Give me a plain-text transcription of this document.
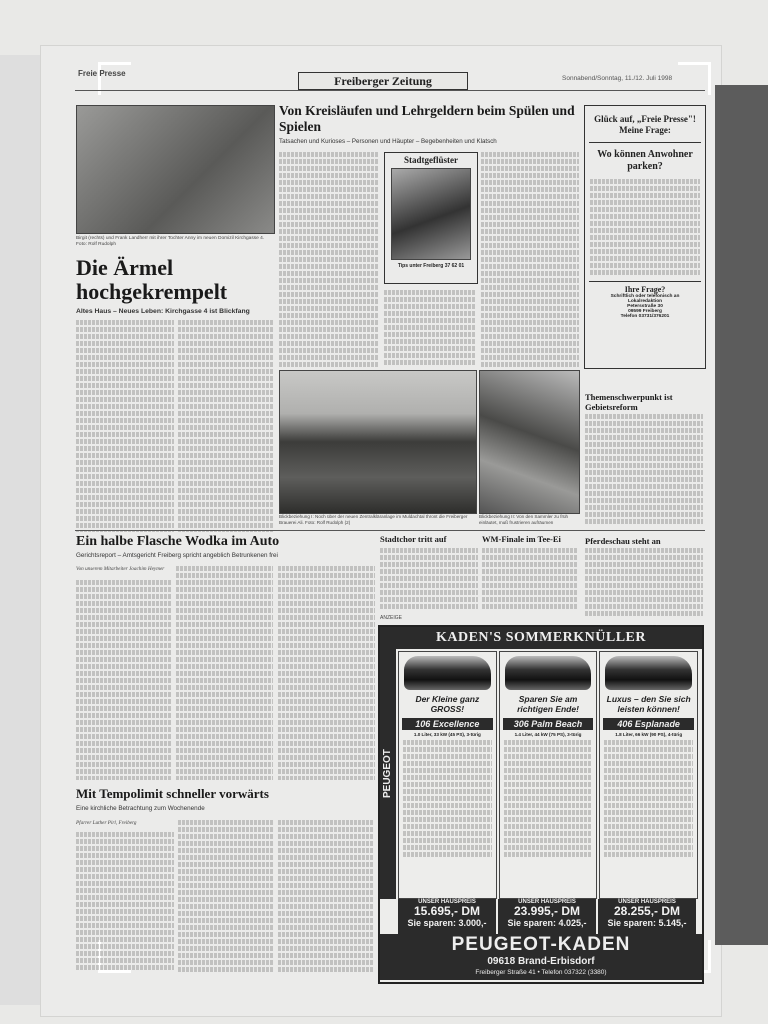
Freie Presse
Freiberger Zeitung	Sonnabend/Sonntag, 11./12. Juli 1998
Birgit (rechts) und Frank Landherr mit ihrer Tochter Anny im neuen Domizil Kirchgasse 4. Foto: Rolf Rudolph
Die Ärmel hochgekrempelt
Altes Haus – Neues Leben: Kirchgasse 4 ist Blickfang
Von Kreisläufen und Lehrgeldern beim Spülen und Spielen
Tatsachen und Kurioses – Personen und Häupter – Begebenheiten und Klatsch
Stadtgeflüster
Tips unter Freiberg 37 62 01
Blickbeziehung I: Noch über der neuen Zentralkläranlage im Muldachtal thront die Freiberger Brauerei Ali. Foto: Rolf Rudolph (2)
Blickbeziehung II: Von den Sammler zu früh einläutet, muß frustrieren aufräumen
Glück auf, „Freie Presse"! Meine Frage:
Wo können Anwohner parken?
Ihre Frage?
Schriftlich oder telefonisch an
Lokalredaktion
Petersstraße 30
09599 Freiberg
Telefon 03731/376201
Themenschwerpunkt ist Gebietsreform
Pferdeschau steht an
Ein halbe Flasche Wodka im Auto
Gerichtsreport – Amtsgericht Freiberg spricht angeblich Betrunkenen frei
Von unserem Mitarbeiter Joachim Heymer
Stadtchor tritt auf	WM-Finale im Tee-Ei
Mit Tempolimit schneller vorwärts
Eine kirchliche Betrachtung zum Wochenende
Pfarrer Luther Pirl, Freiberg
ANZEIGE
KADEN'S SOMMERKNÜLLER
PEUGEOT
Der Kleine ganz GROSS!
106 Excellence
1.0 Liter, 33 kW (45 PS), 3-türig
Sparen Sie am richtigen Ende!
306 Palm Beach
1.4 Liter, 44 kW (75 PS), 3-türig
Luxus – den Sie sich leisten können!
406 Esplanade
1.8 Liter, 66 kW (90 PS), 4-türig
UNSER HAUSPREIS
15.695,- DM
Sie sparen: 3.000,-
UNSER HAUSPREIS
23.995,- DM
Sie sparen: 4.025,-
UNSER HAUSPREIS
28.255,- DM
Sie sparen: 5.145,-
PEUGEOT-KADEN
09618 Brand-Erbisdorf
Freiberger Straße 41 • Telefon 037322 (3380)
